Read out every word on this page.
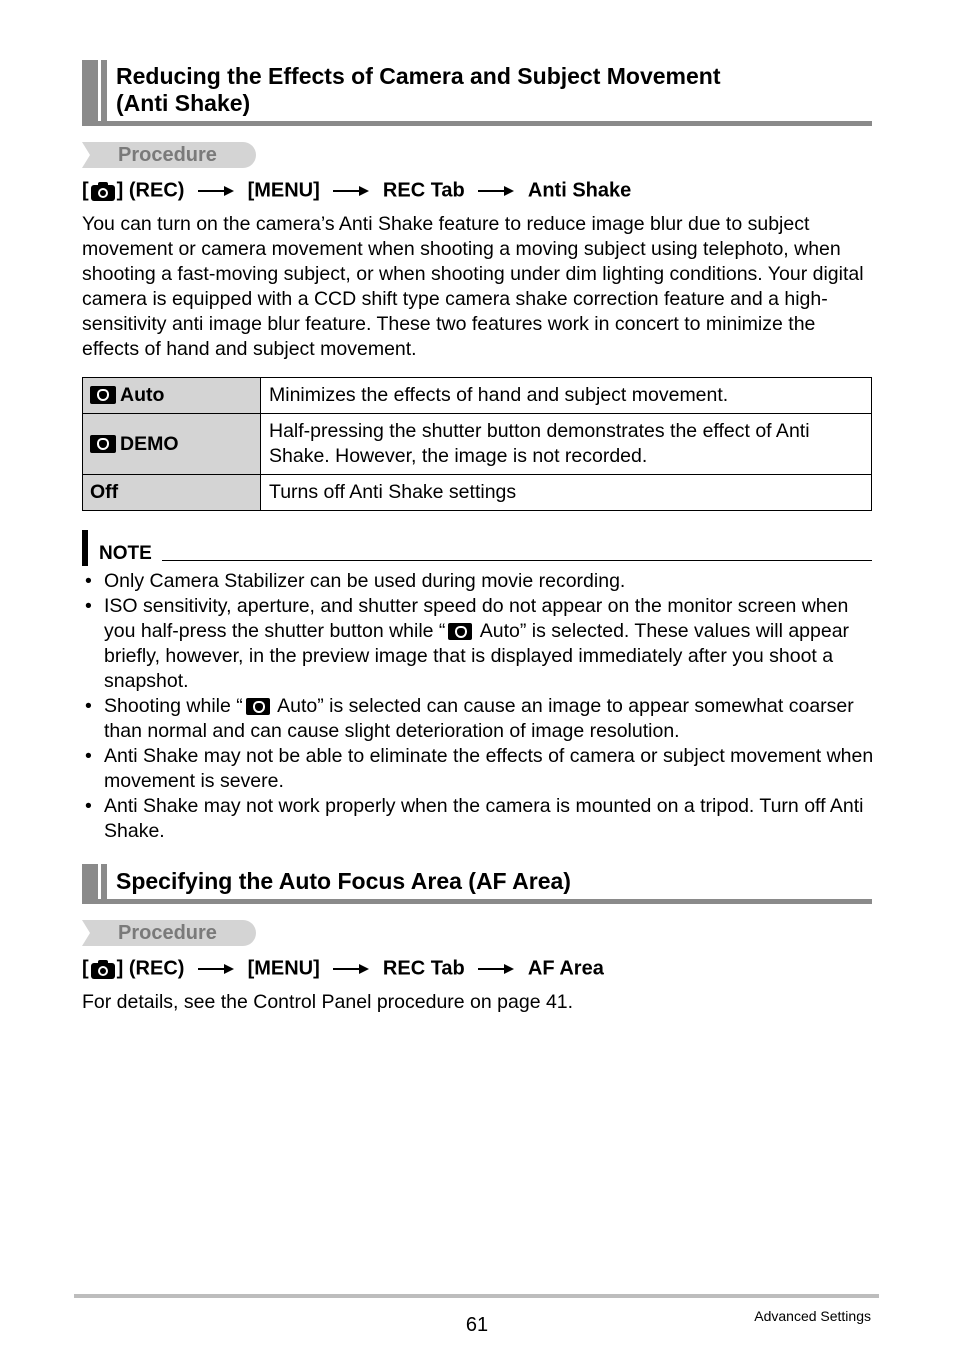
Reducing the Effects of Camera and Subject Movement
(Anti Shake)
Procedure
[ ] (REC)	[MENU]	REC Tab	Anti Shake
You can turn on the camera’s Anti Shake feature to reduce image blur due to subject movement or camera movement when shooting a moving subject using telephoto, when shooting a fast-moving subject, or when shooting under dim lighting conditions. Your digital camera is equipped with a CCD shift type camera shake correction feature and a high-sensitivity anti image blur feature. These two features work in concert to minimize the effects of hand and subject movement.
Auto	Minimizes the effects of hand and subject movement.
DEMO	Half-pressing the shutter button demonstrates the effect of Anti Shake. However, the image is not recorded.
Off	Turns off Anti Shake settings
NOTE
• Only Camera Stabilizer can be used during movie recording.
• ISO sensitivity, aperture, and shutter speed do not appear on the monitor screen when you half-press the shutter button while “ Auto” is selected. These values will appear briefly, however, in the preview image that is displayed immediately after you shoot a snapshot.
• Shooting while “ Auto” is selected can cause an image to appear somewhat coarser than normal and can cause slight deterioration of image resolution.
• Anti Shake may not be able to eliminate the effects of camera or subject movement when movement is severe.
• Anti Shake may not work properly when the camera is mounted on a tripod. Turn off Anti Shake.
Specifying the Auto Focus Area (AF Area)
Procedure
[ ] (REC)	[MENU]	REC Tab	AF Area
For details, see the Control Panel procedure on page 41.
61	Advanced Settings
